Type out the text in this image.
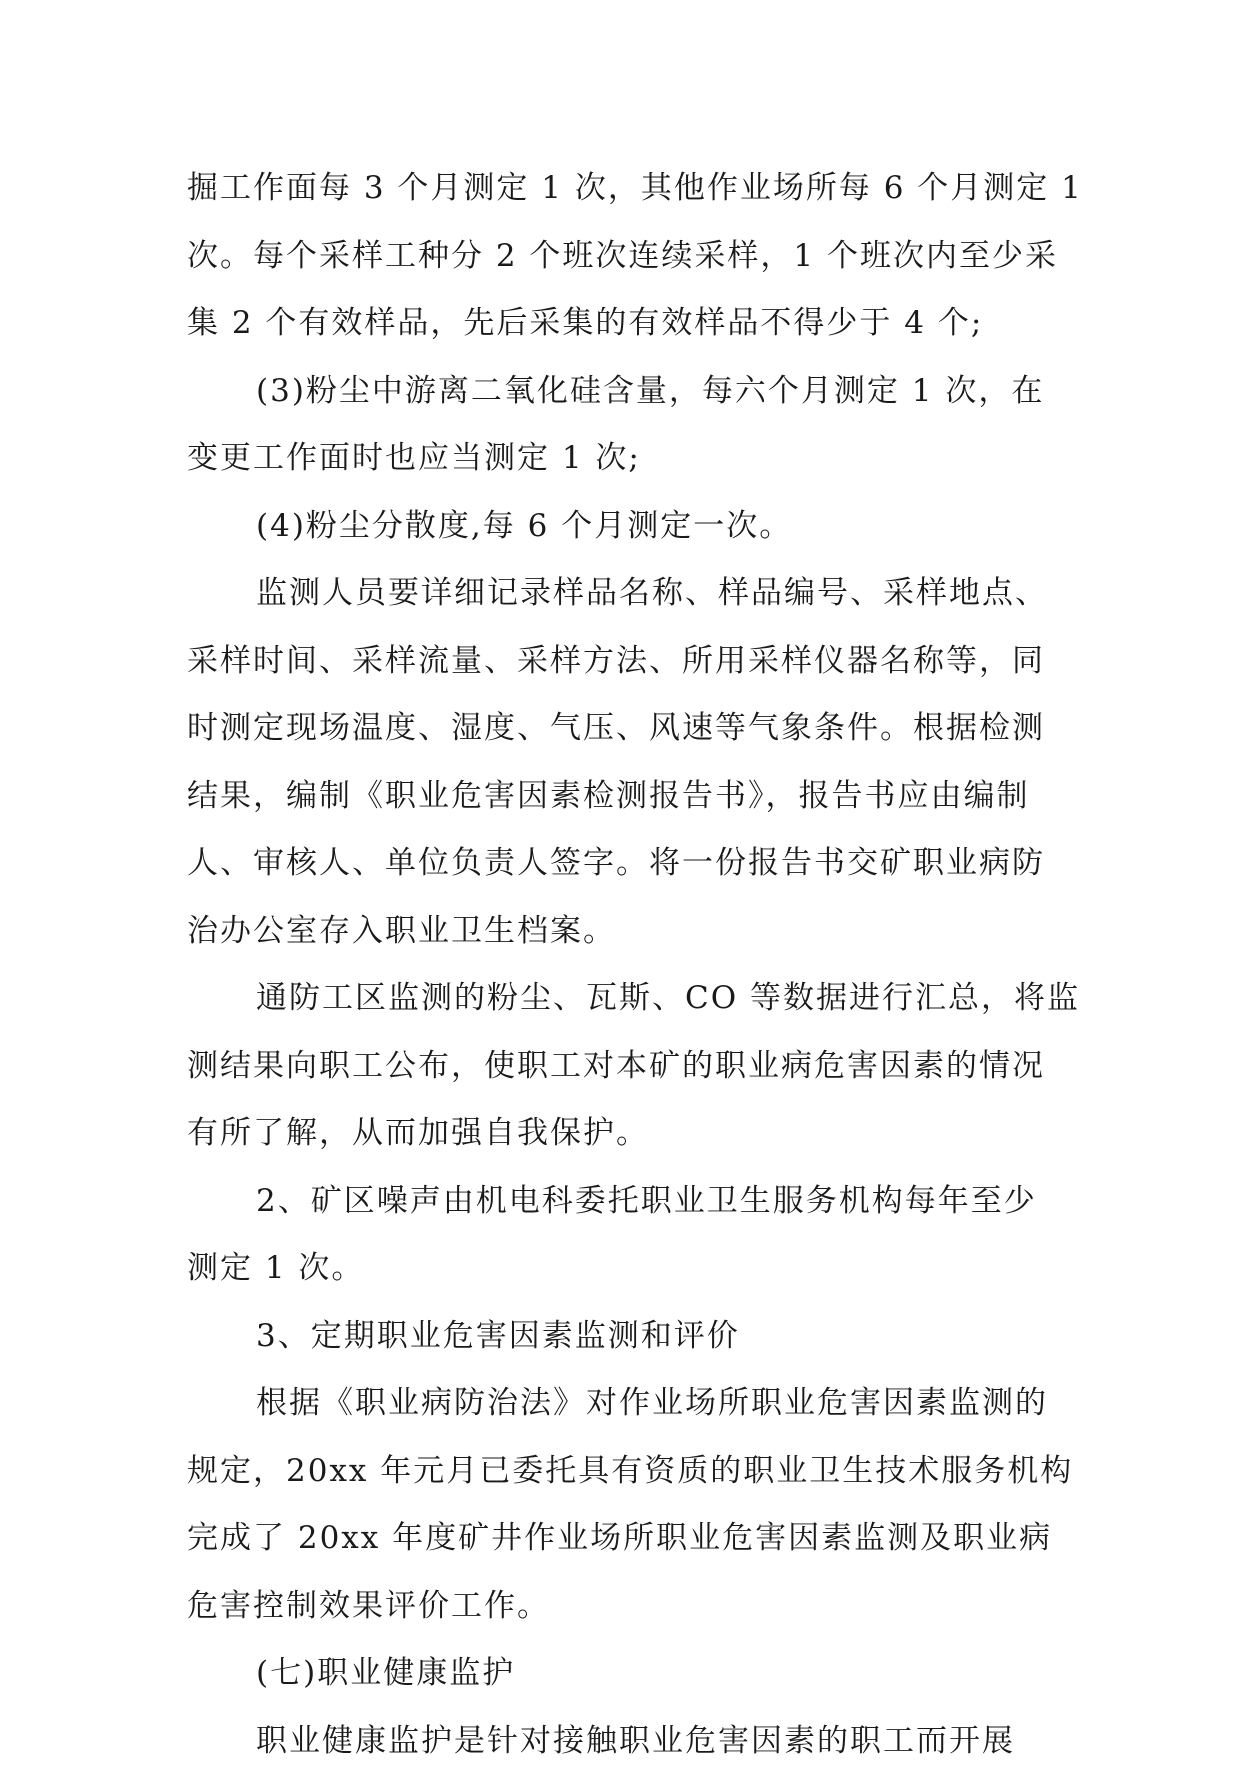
掘工作面每 3 个月测定 1 次，其他作业场所每 6 个月测定 1
次。每个采样工种分 2 个班次连续采样，1 个班次内至少采
集 2 个有效样品，先后采集的有效样品不得少于 4 个;
(3)粉尘中游离二氧化硅含量，每六个月测定 1 次，在
变更工作面时也应当测定 1 次;
(4)粉尘分散度,每 6 个月测定一次。
监测人员要详细记录样品名称、样品编号、采样地点、
采样时间、采样流量、采样方法、所用采样仪器名称等，同
时测定现场温度、湿度、气压、风速等气象条件。根据检测
结果，编制《职业危害因素检测报告书》，报告书应由编制
人、审核人、单位负责人签字。将一份报告书交矿职业病防
治办公室存入职业卫生档案。
通防工区监测的粉尘、瓦斯、CO 等数据进行汇总，将监
测结果向职工公布，使职工对本矿的职业病危害因素的情况
有所了解，从而加强自我保护。
2、矿区噪声由机电科委托职业卫生服务机构每年至少
测定 1 次。
3、定期职业危害因素监测和评价
根据《职业病防治法》对作业场所职业危害因素监测的
规定，20xx 年元月已委托具有资质的职业卫生技术服务机构
完成了 20xx 年度矿井作业场所职业危害因素监测及职业病
危害控制效果评价工作。
(七)职业健康监护
职业健康监护是针对接触职业危害因素的职工而开展
